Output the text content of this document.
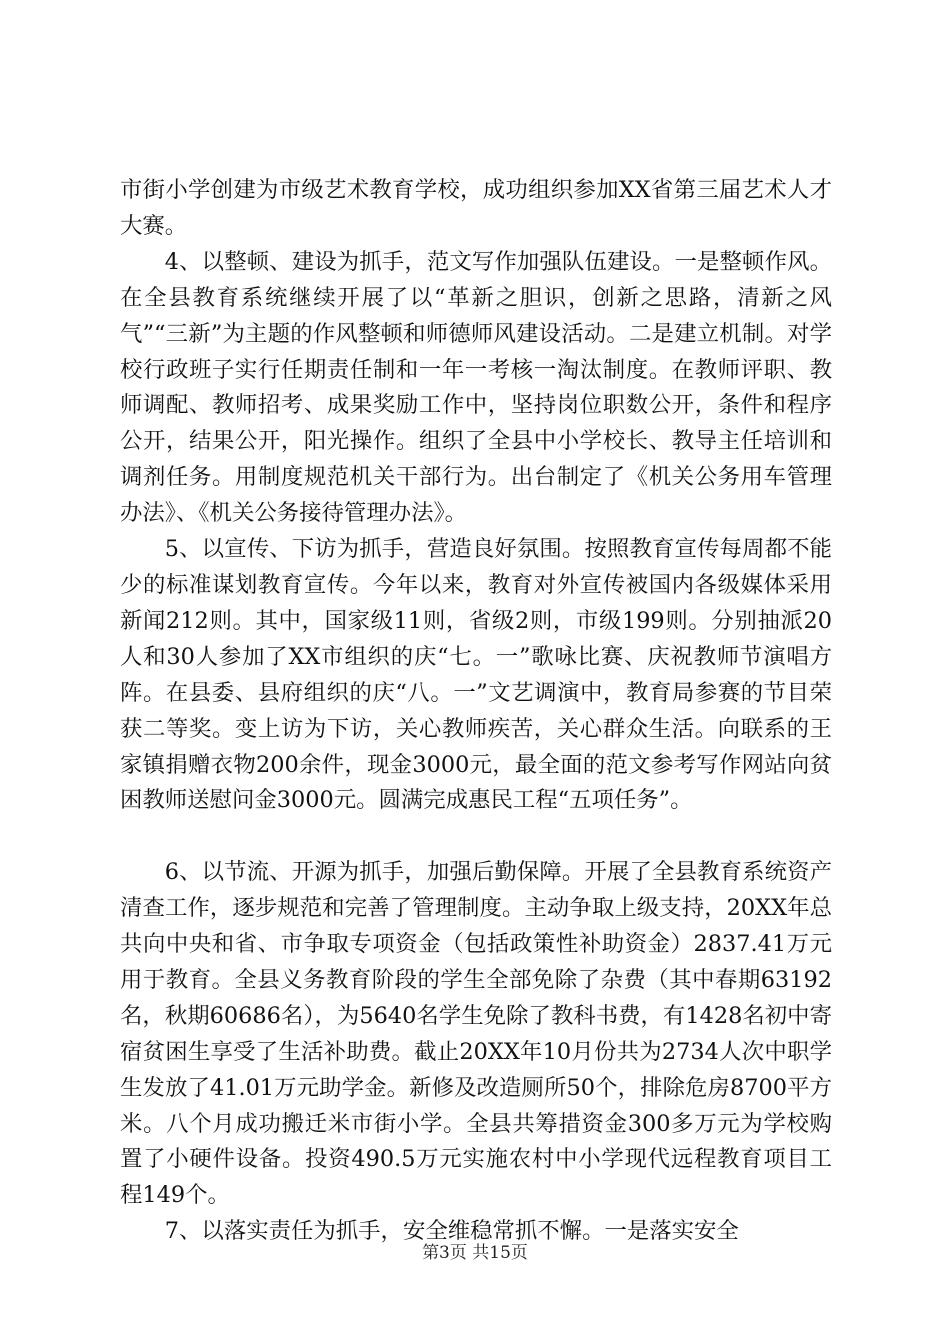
市街小学创建为市级艺术教育学校，成功组织参加XX省第三届艺术人才大赛。

4、以整顿、建设为抓手，范文写作加强队伍建设。一是整顿作风。在全县教育系统继续开展了以“革新之胆识，创新之思路，清新之风气”“三新”为主题的作风整顿和师德师风建设活动。二是建立机制。对学校行政班子实行任期责任制和一年一考核一淘汰制度。在教师评职、教师调配、教师招考、成果奖励工作中，坚持岗位职数公开，条件和程序公开，结果公开，阳光操作。组织了全县中小学校长、教导主任培训和调剂任务。用制度规范机关干部行为。出台制定了《机关公务用车管理办法》、《机关公务接待管理办法》。

5、以宣传、下访为抓手，营造良好氛围。按照教育宣传每周都不能少的标准谋划教育宣传。今年以来，教育对外宣传被国内各级媒体采用新闻212则。其中，国家级11则，省级2则，市级199则。分别抽派20人和30人参加了XX市组织的庆“七。一”歌咏比赛、庆祝教师节演唱方阵。在县委、县府组织的庆“八。一”文艺调演中，教育局参赛的节目荣获二等奖。变上访为下访，关心教师疾苦，关心群众生活。向联系的王家镇捐赠衣物200余件，现金3000元，最全面的范文参考写作网站向贫困教师送慰问金3000元。圆满完成惠民工程“五项任务”。

6、以节流、开源为抓手，加强后勤保障。开展了全县教育系统资产清查工作，逐步规范和完善了管理制度。主动争取上级支持，20XX年总共向中央和省、市争取专项资金（包括政策性补助资金）2837.41万元用于教育。全县义务教育阶段的学生全部免除了杂费（其中春期63192名，秋期60686名），为5640名学生免除了教科书费，有1428名初中寄宿贫困生享受了生活补助费。截止20XX年10月份共为2734人次中职学生发放了41.01万元助学金。新修及改造厕所50个，排除危房8700平方米。八个月成功搬迁米市街小学。全县共筹措资金300多万元为学校购置了小硬件设备。投资490.5万元实施农村中小学现代远程教育项目工程149个。

7、以落实责任为抓手，安全维稳常抓不懈。一是落实安全

第3页 共15页
